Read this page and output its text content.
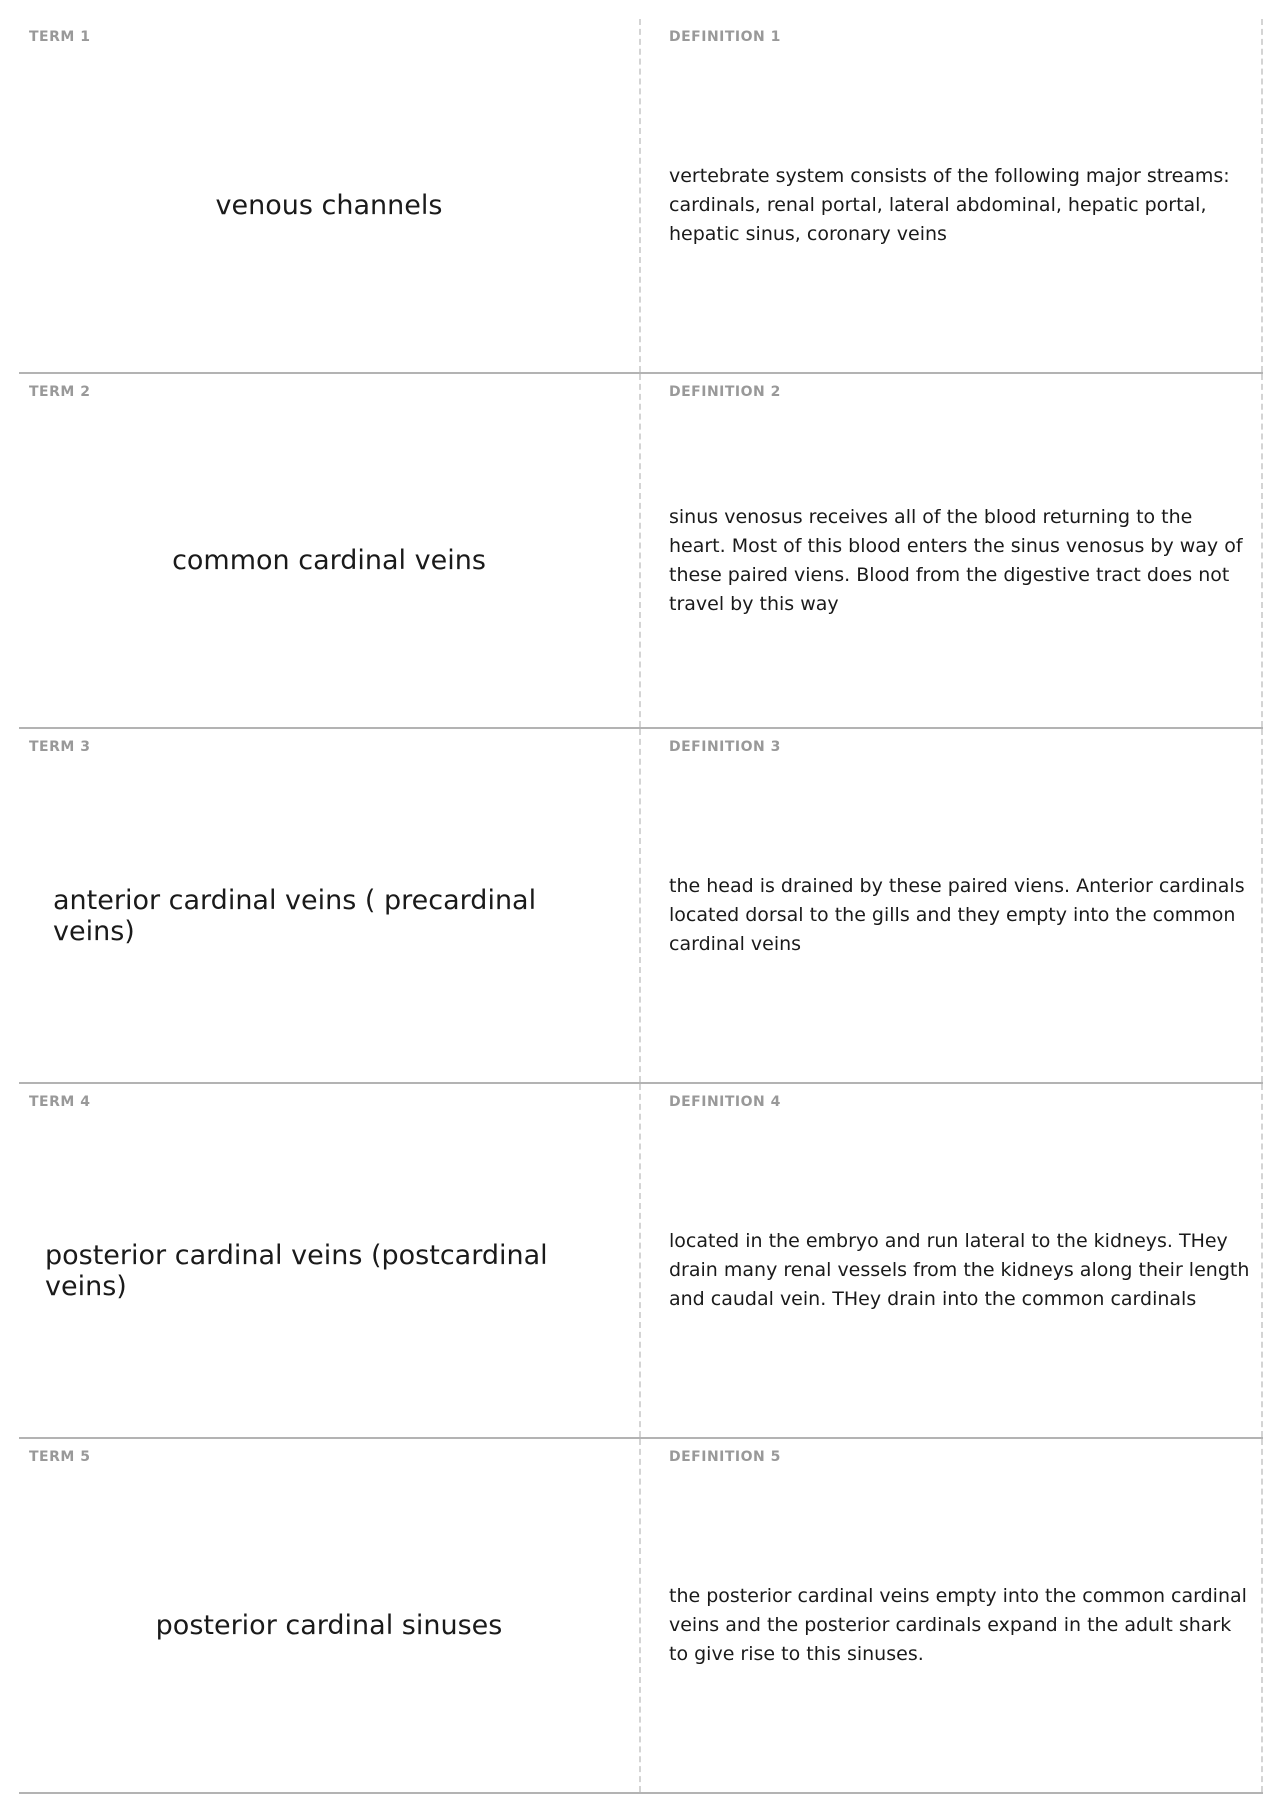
TERM 1
venous channels
DEFINITION 1
vertebrate system consists of the following major streams: cardinals, renal portal, lateral abdominal, hepatic portal, hepatic sinus, coronary veins
TERM 2
common cardinal veins
DEFINITION 2
sinus venosus receives all of the blood returning to the heart. Most of this blood enters the sinus venosus by way of these paired viens. Blood from the digestive tract does not travel by this way
TERM 3
anterior cardinal veins ( precardinal veins)
DEFINITION 3
the head is drained by these paired viens. Anterior cardinals located dorsal to the gills and they empty into the common cardinal veins
TERM 4
posterior cardinal veins (postcardinal veins)
DEFINITION 4
located in the embryo and run lateral to the kidneys. THey drain many renal vessels from the kidneys along their length and caudal vein. THey drain into the common cardinals
TERM 5
posterior cardinal sinuses
DEFINITION 5
the posterior cardinal veins empty into the common cardinal veins and the posterior cardinals expand in the adult shark to give rise to this sinuses.
